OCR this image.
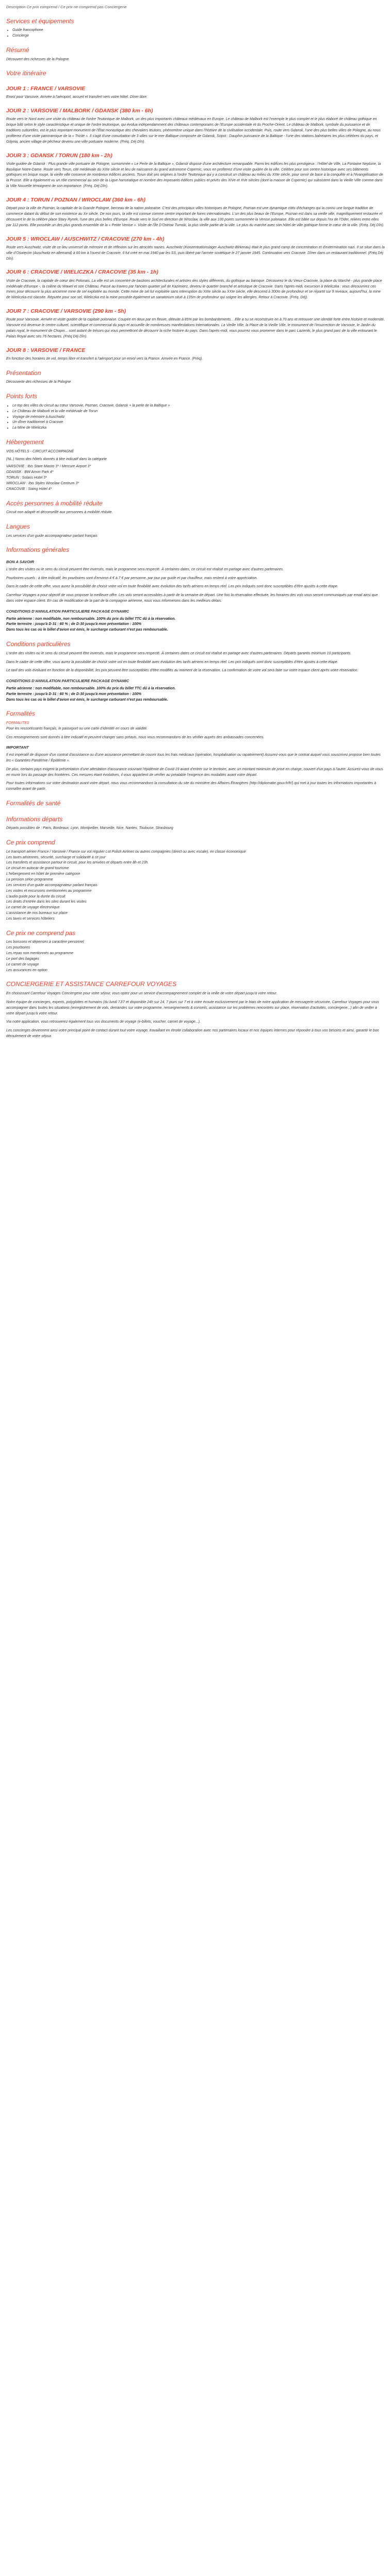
Description Ce prix comprend / Ce prix ne comprend pas Conciergerie
Services et équipements
• Guide francophone
• Concierge
Résumé

Découvert des richesses de la Pologne

Votre itinéraire
JOUR 1 : FRANCE / VARSOVIE

Envol pour Varsovie. Arrivée à l'aéroport, accueil et transfert vers votre hôtel. Dîner libre.

JOUR 2 : VARSOVIE / MALBORK / GDANSK (380 km - 6h)

Route vers le Nord avec une visite du château de l'ordre Teutonique de Malbork, un des plus importants châteaux médiévaux en Europe. Le château de Malbork est l'exemple le plus complet et le plus élaboré de château gothique en brique bâti selon le style caractéristique et unique de l'ordre teutonique, qui évolua indépendamment des châteaux contemporains de l'Europe occidentale et du Proche-Orient. Le château de Malbork, symbole du puissance et de traditions culturelles, est le plus important monument de l'État monastique des chevaliers teutons, phénomène unique dans l'histoire de la civilisation occidentale. Puis, route vers Gdansk, l'une des plus belles villes de Pologne, au nous profiterez d'une visite panoramique de la « Tricité ». Il s'agit d'une conurbation de 3 villes sur le mer Baltique composée de Gdansk, Sopot : Dauphin puissance de la Baltique - l'une des stations balnéaires les plus célèbres du pays, et Gdynia, ancien village de pêcheur devenu une ville portuaire moderne. (Fréq. Déj Dîn).

JOUR 3 : GDANSK / TORUN (180 km - 2h)

Visite guidée de Gdansk : Plus grande ville portuaire de Pologne, surnommée « Le Perle de la Baltique », Gdansk dispose d'une architecture remarquable. Parmi les édifices les plus prestigieux : l'Hôtel de Ville, La Fontaine Neptune, la Basilique Notre-Dame. Route vers Torun, cité médiévale du XIIIe siècle et lieu de naissance du grand astronome Copernic, vous en profiterez d'une visite guidée de la ville. Célèbre pour son centre historique avec ses bâtiments gothiques en brique rouge, la vieille ville conserve de nombreux édifices anciens. Torun doit ses origines à l'ordre Teutonique qui y a construit un château au milieu du XIIIe siècle, pour servir de base à la conquête et à l'évangélisation de la Prusse. Elle a également vu un rôle commercial au sein de la Ligue hanséatique et nombre des imposants édifices publics et privés des XIVe et XVe siècles (dont la maison de Copernic) qui subsistent dans la Vieille Ville comme dans la Ville Nouvelle témoignent de son importance. (Fréq. Déj Dîn).

JOUR 4 : TORUN / POZNAN / WROCLAW (360 km - 6h)

Départ pour la ville de Poznan, la capitale de la Grande Pologne, berceau de la nation polonaise. C'est des principaux villes historiques de Pologne, Poznan est une dynamique cités d'échanges qui la connu une longue tradition de commerce datant du début de son existence au Xe siècle. De nos jours, la ville est connue comme centre important de foires internationales. L'un des plus beaux de l'Europe, Poznan est dans sa vieille ville, magnifiquement restaurée et découvert le de la célèbre place Stary Rynek, l'une des plus belles d'Europe. Route vers le Sud en direction de Wroclaw, la ville aux 100 points surnommée la Venise polonaise. Elle est bâtie sur depuis l'ex de l'Oder, reliées entre elles par 112 ponts. Elle possède un des plus grands ensemble de la « Petite Venise ». Visite de l'Île D'Ostrow Tumski, la plus vieille partie de la ville. Le plus du marché avec son hôtel de ville gothique forme le cœur de la ville. (Fréq. Déj Dîn).

JOUR 5 : WROCLAW / AUSCHWITZ / CRACOVIE (270 km - 4h)

Route vers Auschwitz, visite de ce lieu universel de mémoire et de réflexion sur les atrocités nazies. Auschwitz (Konzentrationslager Auschwitz-Birkenau) était le plus grand camp de concentration et d'extermination nazi. Il se situe dans la ville d'Oświęcim (Auschwitz en allemand) à 60 km à l'ouest de Cracovie. Il fut créé en mai 1940 par les SS, puis libéré par l'armée soviétique le 27 janvier 1945. Continuation vers Cracovie. Dîner dans un restaurant traditionnel. (Fréq Déj Dîn).

JOUR 6 : CRACOVIE / WIELICZKA / CRACOVIE (35 km - 1h)

Visite de Cracovie, la capitale de cœur des Polonais. La ville est un concentré de bastions architecturales et artistes des styles différents, du gothique au baroque. Découvrez le du Vieux-Cracovie, la place du Marché - plus grande place médiévale d'Europe -, la colline du Wawel et son Château. Passé au travers par l'ancien quartier juif de Kazimierz, devenu le quartier branché et artistique de Cracovie. Dans l'après-midi, excursion à Wieliczka : vous découvrirez ces mines pour découvrir la plus ancienne mine de sel exploitée au monde. Cette mine de sel fut exploitée sans interruption du XIIIe siècle au XXIe siècle, elle descend à 300m de profondeur et se répartit sur 9 niveaux, aujourd'hui, la mine de Wieliczka est classée. Réputée pour son sel, Wieliczka est la mine possède également un sanatorium situé à 135m de profondeur qui soigne les allergies. Retour à Cracovie. (Fréq. Déj).

JOUR 7 : CRACOVIE / VARSOVIE (290 km - 5h)

Route pour Varsovie. Arrivée et visite guidée de la capitale polonaise. Coupée en deux par en fleuve, détruite à 85% par les bombardements... Elle a su se reconstruire en à 70 ans et retrouver une identité forte entre histoire et modernité. Varsovie est devenue le centre culturel, scientifique et commercial du pays et accueille de nombreuses manifestations internationales. La Vieille Ville, la Place de la Vieille Ville, le monument de l'Insurrection de Varsovie, le Jardin du palais royal, le monument de Chopin... sont autant de trésors qui vous permettront de découvrir la riche histoire du pays. Dans l'après-midi, vous pourrez vous promener dans le parc Lazienki, le plus grand parc de la ville entourant le Palais Royal avec ses 76 hectares. (Fréq Déj Dîn).

JOUR 8 : VARSOVIE / FRANCE

En fonction des horaires de vol, temps libre et transfert à l'aéroport pour un envol vers la France. Arrivée en France. (Fréq).

Présentation

Découverte des richesses de la Pologne

Points forts
• Le top des villes du circuit au cœur Varsovie, Poznan, Cracovie, Gdansk + la perle de la Baltique »
• Le Château de Malbork et la ville médiévale de Torun
• Voyage de mémoire à Auschwitz
• Un dîner traditionnel à Cracovie
• La Mine de Wieliczka
Hébergement
VOS HÔTELS - CIRCUIT ACCOMPAGNÉ
(NL.) Noms des hôtels donnés à titre indicatif dans la catégorie
VARSOVIE : Ibis Stare Miasto 3* / Mercure Airport 3*
GDANSK : BW Amon Park 4*
TORUN : Solaris Hotel 3*
WROCLAW : Ibis Styles Wroclaw Centrum 3*
CRACOVIE : Swing Hotel 4*
Accès personnes à mobilité réduite

Circuit non adapté et déconseillé aux personnes à mobilité réduite.

Langues

Les services d'un guide accompagnateur parlant français

Informations générales
BON A SAVOIR

L'ordre des visites ou le sens du circuit peuvent être inversés, mais le programme sera respecté. À certaines dates, ce circuit est réalisé en partage avec d'autres partenaires.

Pourboires usuels : à titre indicatif, les pourboires sont d'environ 4 € à 7 € par personne, par jour par guide et par chauffeur, mais restent à votre appréciation.

Dans le cadre de cette offre, vous aurez la possibilité de choisir votre vol en toute flexibilité avec évolution des tarifs aériens en temps réel. Les prix indiqués sont donc susceptibles d'être ajustés à cette étape.

Carrefour Voyages a pour objectif de vous proposer la meilleure offre. Les vols seront accessibles à partir de la semaine de départ. Une fois la réservation effectuée, les horaires des vols vous seront communiqués par email ainsi que dans votre espace client. En cas de modification de la part de la compagnie aérienne, nous vous informerons dans les meilleurs délais.

CONDITIONS D'ANNULATION PARTICULIERE PACKAGE DYNAMIC
Partie aérienne : non modifiable, non remboursable. 100% du prix du billet TTC dû à la réservation.
Partie terrestre : jusqu'à D-31 : 60 % ; de D-30 jusqu'à mon présentation : 100%
Dans tous les cas où le billet d'avion est émis, le surcharge carburant n'est pas remboursable.
Conditions particulières

L'ordre des visites ou le sens du circuit peuvent être inversés, mais le programme sera respecté. À certaines dates ce circuit est réalisé en partage avec d'autres partenaires. Départs garantis minimum 10 participants.

Dans le cadre de cette offre, vous aurez la possibilité de choisir votre vol en toute flexibilité avec évolution des tarifs aériens en temps réel. Les prix indiqués sont donc susceptibles d'être ajustés à cette étape.

Le tarif des vols évoluant en fonction de la disponibilité, les prix peuvent être susceptibles d'être modifiés au moment de la réservation. La confirmation de votre vol sera faite sur votre espace client après votre réservation.

CONDITIONS D'ANNULATION PARTICULIERE PACKAGE DYNAMIC
Partie aérienne : non modifiable, non remboursable. 100% du prix du billet TTC dû à la réservation.
Partie terrestre : jusqu'à D-31 : 60 % ; de D-30 jusqu'à mon présentation : 100%
Dans tous les cas où le billet d'avion est émis, le surcharge carburant n'est pas remboursable.
Formalités
FORMALITES

Pour les ressortissants français, le passeport ou une carte d'identité en cours de validité.

Ces renseignements sont donnés à titre indicatif et peuvent changer sans préavis, nous vous recommandons de les vérifier auprès des ambassades concernées.

IMPORTANT

Il est impératif de disposer d'un contrat d'assistance ou d'une assurance permettant de couvrir tous les frais médicaux (opération, hospitalisation ou rapatriement) Assurez-vous que le contrat auquel vous souscrivez propose bien toutes les « Garanties Pandémie / Épidémie ».

De plus, certains pays exigent la présentation d'une attestation d'assurance couvrant l'épidémie de Covid-19 avant d'entrer sur le territoire, avec un montant minimum de prise en charge, couvert d'un pays à l'autre. Assurez-vous de vous en munir lors du passage des frontières. Ces mesures étant évolutives, il vous appartient de vérifier au préalable l'exigence des modalités avant votre départ.

Pour toutes informations sur votre destination avant votre départ, nous vous recommandons la consultation du site du ministère des Affaires Étrangères (http://diplomatie.gouv.fr/fr/) qui met à jour toutes les informations importantes à connaître avant de partir.

Formalités de santé
Informations départs

Départs possibles de : Paris, Bordeaux, Lyon, Montpellier, Marseille, Nice, Nantes, Toulouse, Strasbourg

Ce prix comprend
Le transport aérien France / Varsovie / France sur vol régulier Lot Polish Airlines ou autres compagnies (direct ou avec escale), en classe économique
Les taxes aériennes, sécurité, surcharge et solidarité à ce jour
Les transferts et assistance partout le circuit, pour les arrivées et départs entre 8h et 23h.
Le circuit en autocar de grand tourisme
L'hébergement en hôtel de première catégorie
La pension selon programme
Les services d'un guide accompagnateur parlant français
Les visites et excursions mentionnées au programme
L'audio guide pour la durée du circuit
Les droits d'entrée dans les sites durant les visites
Le carnet de voyage électronique
L'assistance de nos bureaux sur place
Les taxes et services hôteliers
Ce prix ne comprend pas
Les boissons et dépenses à caractère personnel
Les pourboires
Les repas non mentionnés au programme
Le port des bagages
Le carnet de voyage
Les assurances en option
CONCIERGERIE ET ASSISTANCE CARREFOUR VOYAGES

En choisissant Carrefour Voyages Conciergerie pour votre séjour, vous optez pour un service d'accompagnement complet de la veille de votre départ jusqu'à votre retour.

Notre équipe de concierges, experts, polyglottes et humains (du lundi 7J/7 et disponible 24h sur 24, 7 jours sur 7 et à votre écoute exclusivement par le biais de notre application de messagerie sécurisée, Carrefour Voyages pour vous accompagner dans toutes les situations (enregistrement de vols, demandes sur votre programme, renseignements & conseils, assistance sur les problèmes rencontrés sur place, réservation d'activités, conciergerie...) afin de veiller à votre départ jusqu'à votre retour.

Via notre application, vous retrouverez également tous vos documents de voyage (e-billets, voucher, carnet de voyage...).

Les concierges deviennent ainsi votre principal point de contact durant tout votre voyage, travaillant en étroite collaboration avec nos partenaires locaux et nos équipes internes pour répondre à tous vos besoins et ainsi, garantir le bon déroulement de votre séjour.
